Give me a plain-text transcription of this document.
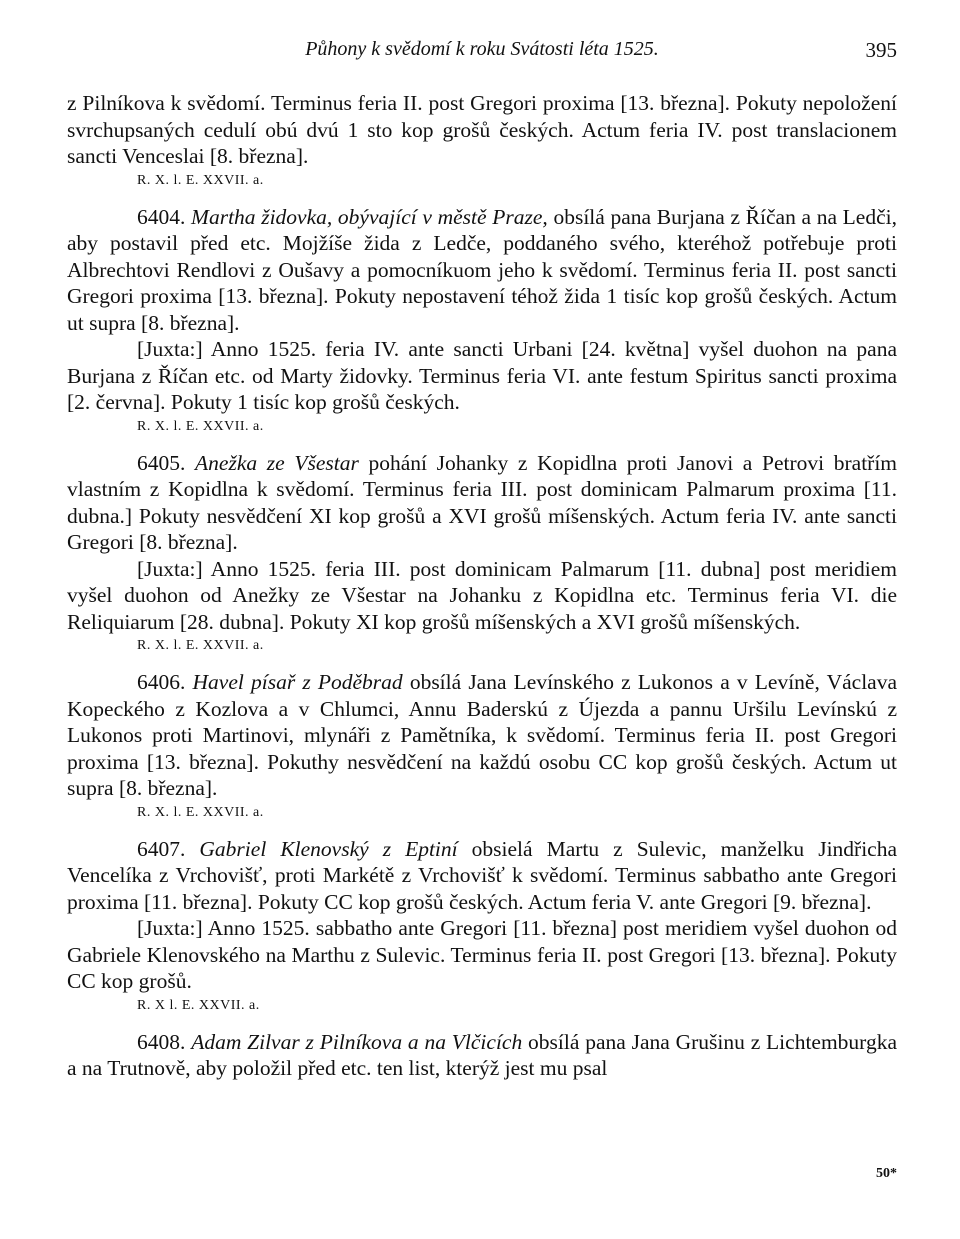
Půhony k svědomí k roku Svátosti léta 1525.	395

z Pilníkova k svědomí. Terminus feria II. post Gregori proxima [13. března]. Pokuty nepoložení svrchupsaných cedulí obú dvú 1 sto kop grošů českých. Actum feria IV. post translacionem sancti Venceslai [8. března].

R. X. l. E. XXVII. a.

6404. Martha židovka, obývající v městě Praze, obsílá pana Burjana z Říčan a na Ledči, aby postavil před etc. Mojžíše žida z Ledče, poddaného svého, kteréhož potřebuje proti Albrechtovi Rendlovi z Oušavy a pomocníkuom jeho k svědomí. Terminus feria II. post sancti Gregori proxima [13. března]. Pokuty nepostavení téhož žida 1 tisíc kop grošů českých. Actum ut supra [8. března].

[Juxta:] Anno 1525. feria IV. ante sancti Urbani [24. května] vyšel duohon na pana Burjana z Říčan etc. od Marty židovky. Terminus feria VI. ante festum Spiritus sancti proxima [2. června]. Pokuty 1 tisíc kop grošů českých.

R. X. l. E. XXVII. a.

6405. Anežka ze Všestar pohání Johanky z Kopidlna proti Janovi a Petrovi bratřím vlastním z Kopidlna k svědomí. Terminus feria III. post dominicam Palmarum proxima [11. dubna.] Pokuty nesvědčení XI kop grošů a XVI grošů míšenských. Actum feria IV. ante sancti Gregori [8. března].

[Juxta:] Anno 1525. feria III. post dominicam Palmarum [11. dubna] post meridiem vyšel duohon od Anežky ze Všestar na Johanku z Kopidlna etc. Terminus feria VI. die Reliquiarum [28. dubna]. Pokuty XI kop grošů míšenských a XVI grošů míšenských.

R. X. l. E. XXVII. a.

6406. Havel písař z Poděbrad obsílá Jana Levínského z Lukonos a v Levíně, Václava Kopeckého z Kozlova a v Chlumci, Annu Baderskú z Újezda a pannu Uršilu Levínskú z Lukonos proti Martinovi, mlynáři z Pamětníka, k svědomí. Terminus feria II. post Gregori proxima [13. března]. Pokuthy nesvědčení na každú osobu CC kop grošů českých. Actum ut supra [8. března].

R. X. l. E. XXVII. a.

6407. Gabriel Klenovský z Eptiní obsielá Martu z Sulevic, manželku Jindřicha Vencelíka z Vrchovišť, proti Markétě z Vrchovišť k svědomí. Terminus sabbatho ante Gregori proxima [11. března]. Pokuty CC kop grošů českých. Actum feria V. ante Gregori [9. března].

[Juxta:] Anno 1525. sabbatho ante Gregori [11. března] post meridiem vyšel duohon od Gabriele Klenovského na Marthu z Sulevic. Terminus feria II. post Gregori [13. března]. Pokuty CC kop grošů.

R. X l. E. XXVII. a.

6408. Adam Zilvar z Pilníkova a na Vlčicích obsílá pana Jana Grušinu z Lichtemburgka a na Trutnově, aby položil před etc. ten list, kterýž jest mu psal

50*
